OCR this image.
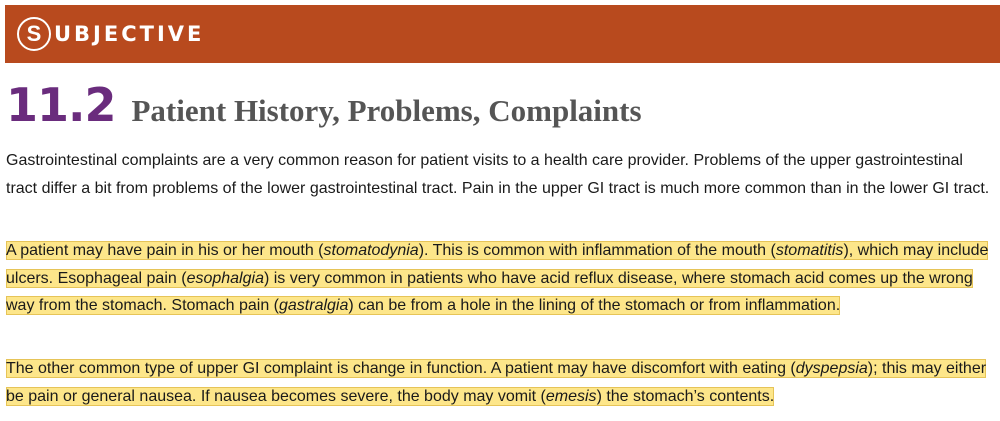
S UBJECTIVE
11.2 Patient History, Problems, Complaints

Gastrointestinal complaints are a very common reason for patient visits to a health care provider. Problems of the upper gastrointestinal tract differ a bit from problems of the lower gastrointestinal tract. Pain in the upper GI tract is much more common than in the lower GI tract.

A patient may have pain in his or her mouth (stomatodynia). This is common with inflammation of the mouth (stomatitis), which may include ulcers. Esophageal pain (esophalgia) is very common in patients who have acid reflux disease, where stomach acid comes up the wrong way from the stomach. Stomach pain (gastralgia) can be from a hole in the lining of the stomach or from inflammation.

The other common type of upper GI complaint is change in function. A patient may have discomfort with eating (dyspepsia); this may either be pain or general nausea. If nausea becomes severe, the body may vomit (emesis) the stomach’s contents.
